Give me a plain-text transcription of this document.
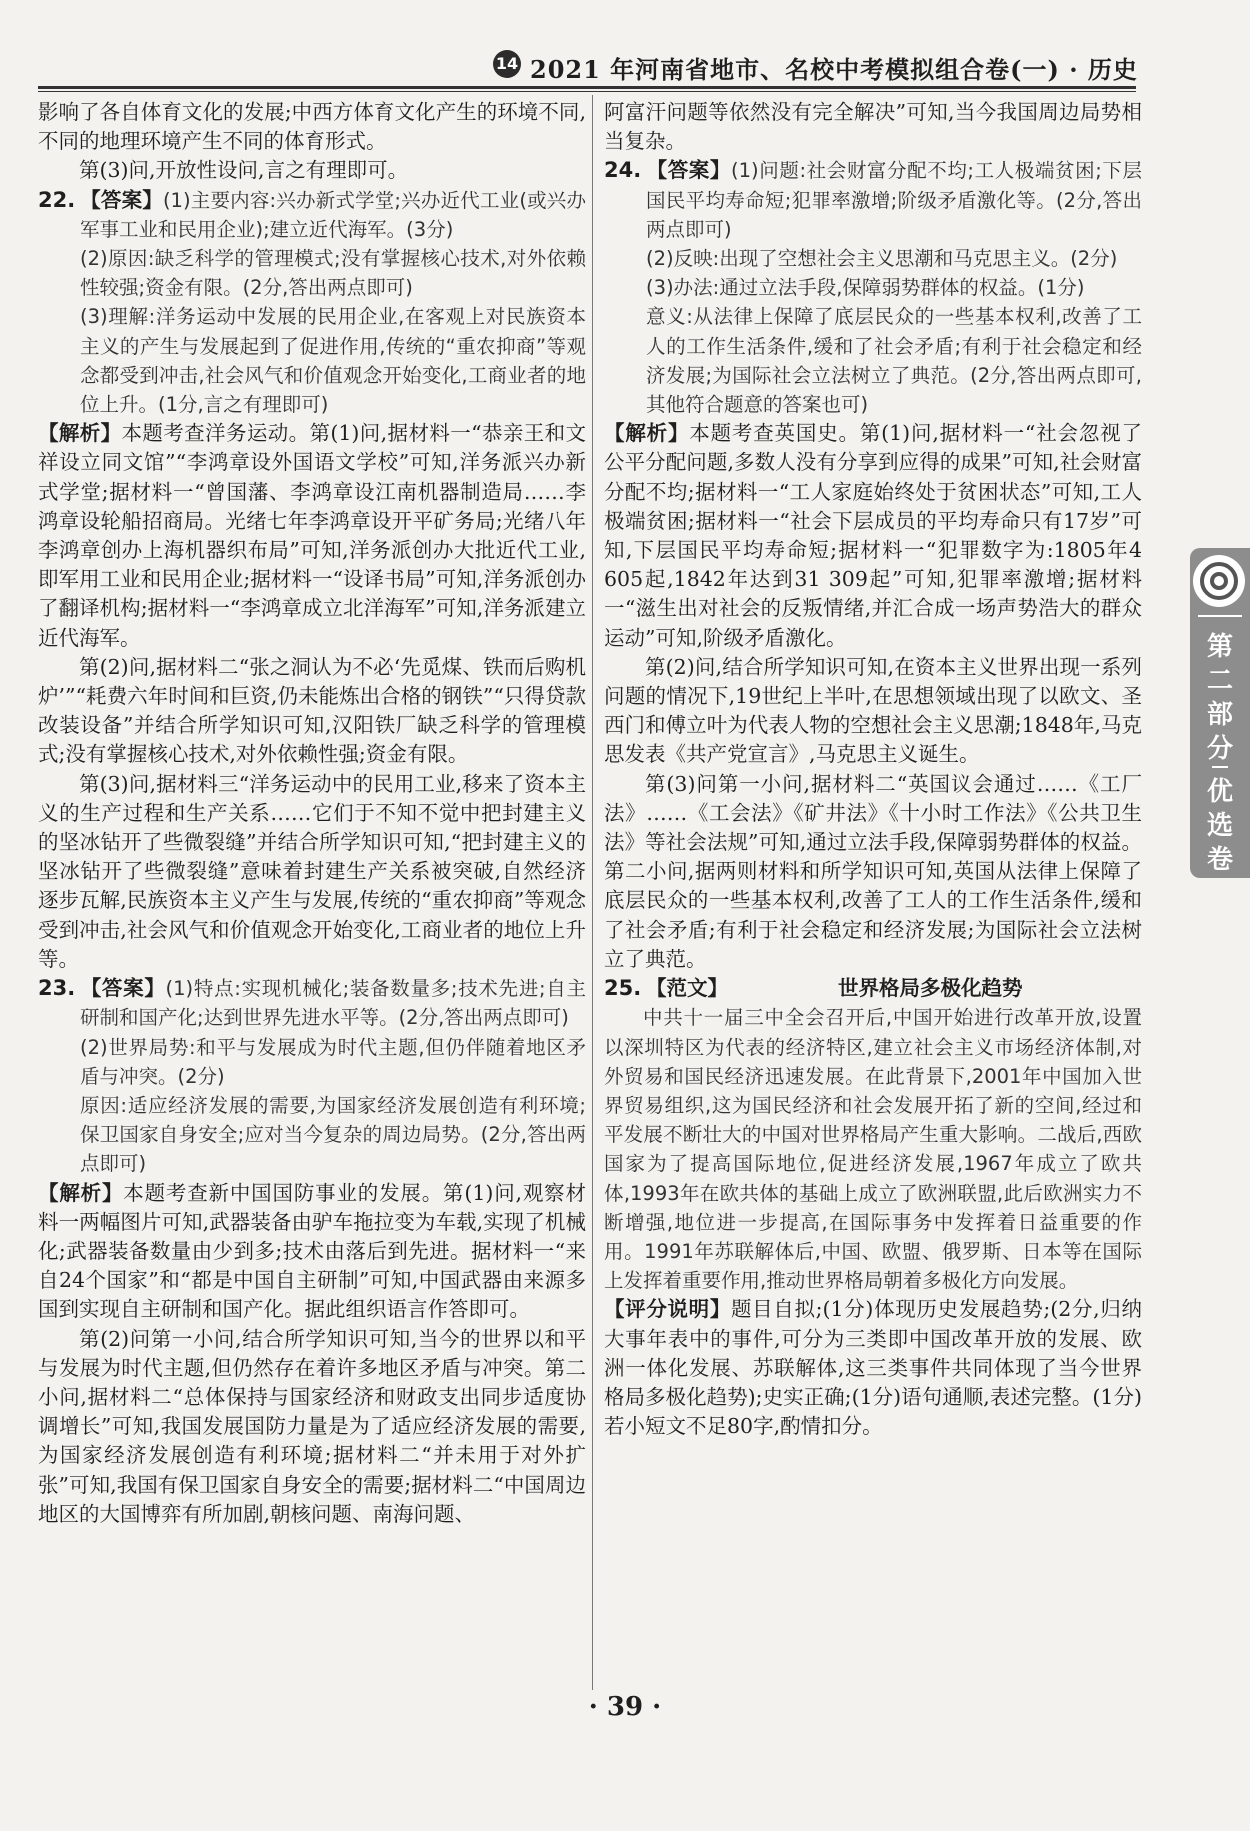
14 2021 年河南省地市、名校中考模拟组合卷(一) · 历史

影响了各自体育文化的发展;中西方体育文化产生的环境不同,不同的地理环境产生不同的体育形式。

第(3)问,开放性设问,言之有理即可。

22. 【答案】(1)主要内容:兴办新式学堂;兴办近代工业(或兴办军事工业和民用企业);建立近代海军。(3分)

(2)原因:缺乏科学的管理模式;没有掌握核心技术,对外依赖性较强;资金有限。(2分,答出两点即可)

(3)理解:洋务运动中发展的民用企业,在客观上对民族资本主义的产生与发展起到了促进作用,传统的“重农抑商”等观念都受到冲击,社会风气和价值观念开始变化,工商业者的地位上升。(1分,言之有理即可)

【解析】本题考查洋务运动。第(1)问,据材料一“恭亲王和文祥设立同文馆”“李鸿章设外国语文学校”可知,洋务派兴办新式学堂;据材料一“曾国藩、李鸿章设江南机器制造局……李鸿章设轮船招商局。光绪七年李鸿章设开平矿务局;光绪八年李鸿章创办上海机器织布局”可知,洋务派创办大批近代工业,即军用工业和民用企业;据材料一“设译书局”可知,洋务派创办了翻译机构;据材料一“李鸿章成立北洋海军”可知,洋务派建立近代海军。

第(2)问,据材料二“张之洞认为不必‘先觅煤、铁而后购机炉’”“耗费六年时间和巨资,仍未能炼出合格的钢铁”“只得贷款改装设备”并结合所学知识可知,汉阳铁厂缺乏科学的管理模式;没有掌握核心技术,对外依赖性强;资金有限。

第(3)问,据材料三“洋务运动中的民用工业,移来了资本主义的生产过程和生产关系……它们于不知不觉中把封建主义的坚冰钻开了些微裂缝”并结合所学知识可知,“把封建主义的坚冰钻开了些微裂缝”意味着封建生产关系被突破,自然经济逐步瓦解,民族资本主义产生与发展,传统的“重农抑商”等观念受到冲击,社会风气和价值观念开始变化,工商业者的地位上升等。

23. 【答案】(1)特点:实现机械化;装备数量多;技术先进;自主研制和国产化;达到世界先进水平等。(2分,答出两点即可)

(2)世界局势:和平与发展成为时代主题,但仍伴随着地区矛盾与冲突。(2分)

原因:适应经济发展的需要,为国家经济发展创造有利环境;保卫国家自身安全;应对当今复杂的周边局势。(2分,答出两点即可)

【解析】本题考查新中国国防事业的发展。第(1)问,观察材料一两幅图片可知,武器装备由驴车拖拉变为车载,实现了机械化;武器装备数量由少到多;技术由落后到先进。据材料一“来自24个国家”和“都是中国自主研制”可知,中国武器由来源多国到实现自主研制和国产化。据此组织语言作答即可。

第(2)问第一小问,结合所学知识可知,当今的世界以和平与发展为时代主题,但仍然存在着许多地区矛盾与冲突。第二小问,据材料二“总体保持与国家经济和财政支出同步适度协调增长”可知,我国发展国防力量是为了适应经济发展的需要,为国家经济发展创造有利环境;据材料二“并未用于对外扩张”可知,我国有保卫国家自身安全的需要;据材料二“中国周边地区的大国博弈有所加剧,朝核问题、南海问题、

阿富汗问题等依然没有完全解决”可知,当今我国周边局势相当复杂。

24. 【答案】(1)问题:社会财富分配不均;工人极端贫困;下层国民平均寿命短;犯罪率激增;阶级矛盾激化等。(2分,答出两点即可)

(2)反映:出现了空想社会主义思潮和马克思主义。(2分)

(3)办法:通过立法手段,保障弱势群体的权益。(1分)

意义:从法律上保障了底层民众的一些基本权利,改善了工人的工作生活条件,缓和了社会矛盾;有利于社会稳定和经济发展;为国际社会立法树立了典范。(2分,答出两点即可,其他符合题意的答案也可)

【解析】本题考查英国史。第(1)问,据材料一“社会忽视了公平分配问题,多数人没有分享到应得的成果”可知,社会财富分配不均;据材料一“工人家庭始终处于贫困状态”可知,工人极端贫困;据材料一“社会下层成员的平均寿命只有17岁”可知,下层国民平均寿命短;据材料一“犯罪数字为:1805年4 605起,1842年达到31 309起”可知,犯罪率激增;据材料一“滋生出对社会的反叛情绪,并汇合成一场声势浩大的群众运动”可知,阶级矛盾激化。

第(2)问,结合所学知识可知,在资本主义世界出现一系列问题的情况下,19世纪上半叶,在思想领域出现了以欧文、圣西门和傅立叶为代表人物的空想社会主义思潮;1848年,马克思发表《共产党宣言》,马克思主义诞生。

第(3)问第一小问,据材料二“英国议会通过……《工厂法》……《工会法》《矿井法》《十小时工作法》《公共卫生法》等社会法规”可知,通过立法手段,保障弱势群体的权益。第二小问,据两则材料和所学知识可知,英国从法律上保障了底层民众的一些基本权利,改善了工人的工作生活条件,缓和了社会矛盾;有利于社会稳定和经济发展;为国际社会立法树立了典范。

25. 【范文】	世界格局多极化趋势

中共十一届三中全会召开后,中国开始进行改革开放,设置以深圳特区为代表的经济特区,建立社会主义市场经济体制,对外贸易和国民经济迅速发展。在此背景下,2001年中国加入世界贸易组织,这为国民经济和社会发展开拓了新的空间,经过和平发展不断壮大的中国对世界格局产生重大影响。二战后,西欧国家为了提高国际地位,促进经济发展,1967年成立了欧共体,1993年在欧共体的基础上成立了欧洲联盟,此后欧洲实力不断增强,地位进一步提高,在国际事务中发挥着日益重要的作用。1991年苏联解体后,中国、欧盟、俄罗斯、日本等在国际上发挥着重要作用,推动世界格局朝着多极化方向发展。

【评分说明】题目自拟;(1分)体现历史发展趋势;(2分,归纳大事年表中的事件,可分为三类即中国改革开放的发展、欧洲一体化发展、苏联解体,这三类事件共同体现了当今世界格局多极化趋势);史实正确;(1分)语句通顺,表述完整。(1分)若小短文不足80字,酌情扣分。

第二部分
优选卷
· 39 ·
